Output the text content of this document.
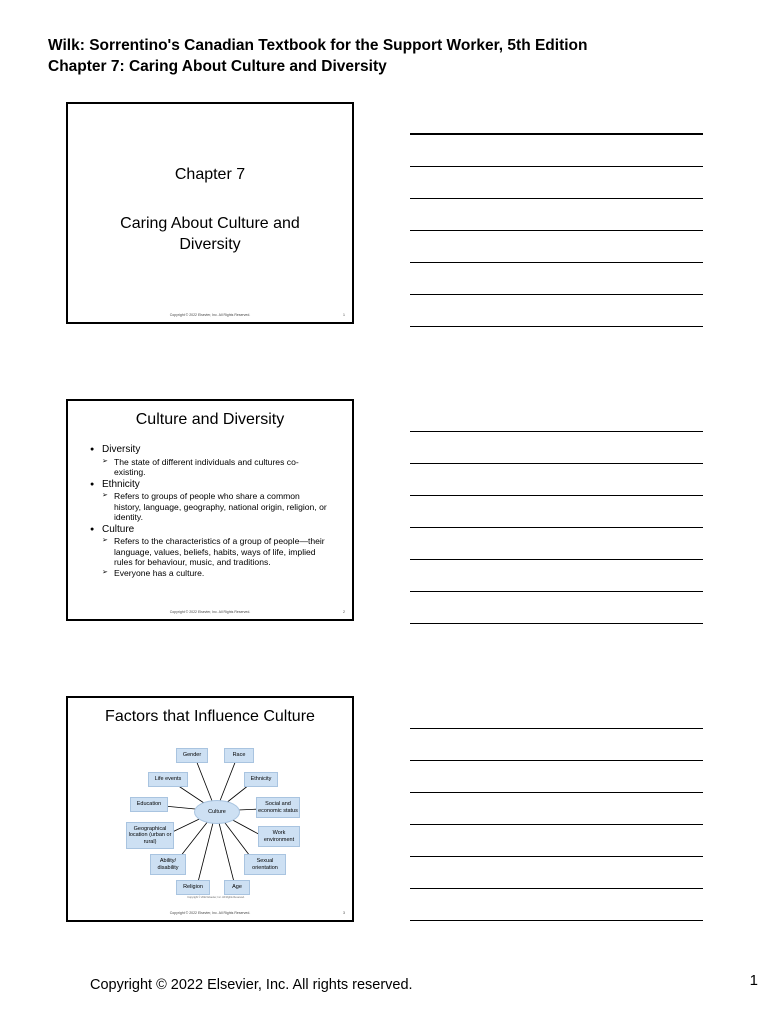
Wilk: Sorrentino's Canadian Textbook for the Support Worker, 5th Edition
Chapter 7: Caring About Culture and Diversity
Chapter 7
Caring About Culture and Diversity
Copyright © 2022 Elsevier, Inc. All Rights Reserved.	1
Culture and Diversity
● Diversity
➢ The state of different individuals and cultures co-existing.
● Ethnicity
➢ Refers to groups of people who share a common history, language, geography, national origin, religion, or identity.
● Culture
➢ Refers to the characteristics of a group of people—their language, values, beliefs, habits, ways of life, implied rules for behaviour, music, and traditions.
➢ Everyone has a culture.
Copyright © 2022 Elsevier, Inc. All Rights Reserved.	2
Factors that Influence Culture
Gender	Race
Life events	Ethnicity
Education	Social and economic status
Geographical location (urban or rural)
Work environment
Ability/ disability
Sexual orientation
Religion	Age
Culture
Copyright © 2022 Elsevier, Inc. All Rights Reserved.
Copyright © 2022 Elsevier, Inc. All Rights Reserved.	3
Copyright © 2022 Elsevier, Inc. All rights reserved.	1
